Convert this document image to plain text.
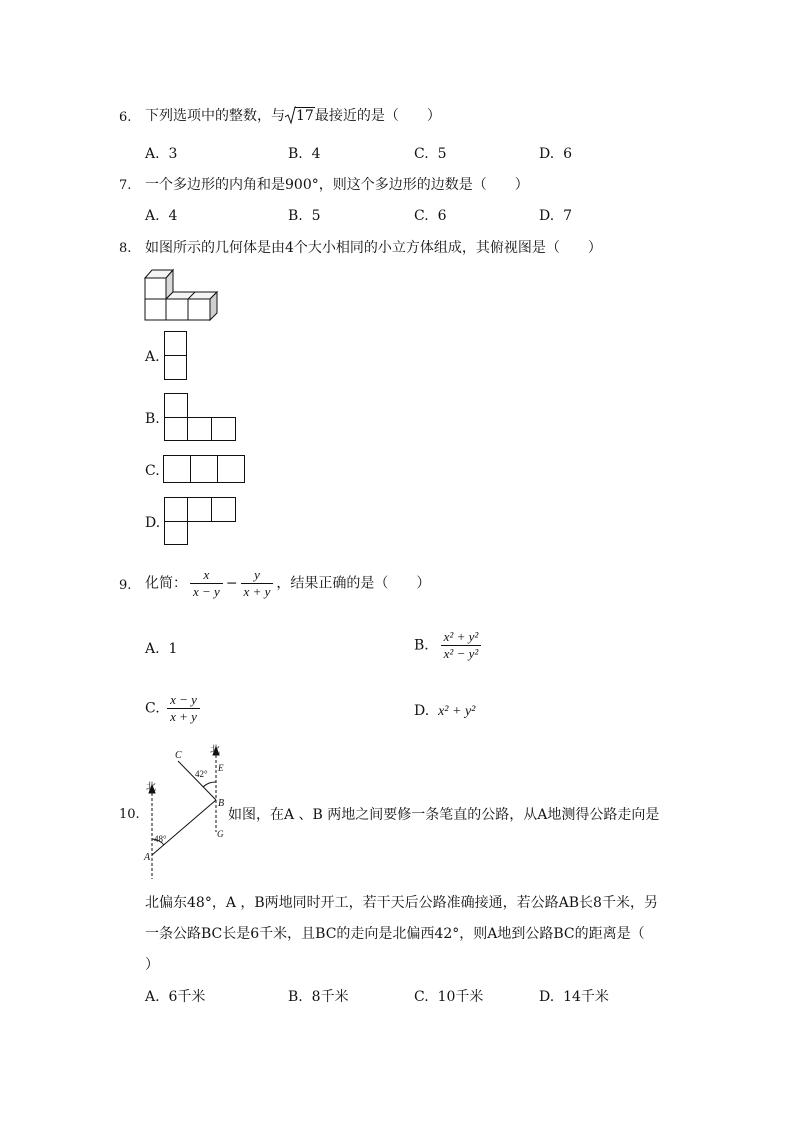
6. 下列选项中的整数，与 17最接近的是（　　）
A. 3	B. 4	C. 5	D. 6
7. 一个多边形的内角和是900°，则这个多边形的边数是（　　）
A. 4	B. 5	C. 6	D. 7
8. 如图所示的几何体是由4个大小相同的小立方体组成，其俯视图是（　　）
A.
B.
C.
D.
9. 化简： $\frac{x}{x - y} - \frac{y}{x + y}$ ，结果正确的是（　　）
A. 1	B. $\frac{\text{x² + y²}}{\text{x² − y²}}$
C. $\frac{x - y}{x + y}$	D. x² + y²
10.
C	北
E
42°
B
北
G
48°
A
如图，在A 、B 两地之间要修一条笔直的公路，从A地测得公路走向是
北偏东48°，A ，B两地同时开工，若干天后公路准确接通，若公路AB长8千米，另
一条公路BC长是6千米，且BC的走向是北偏西42°，则A地到公路BC的距离是（
）
A. 6千米	B. 8千米	C. 10千米	D. 14千米
